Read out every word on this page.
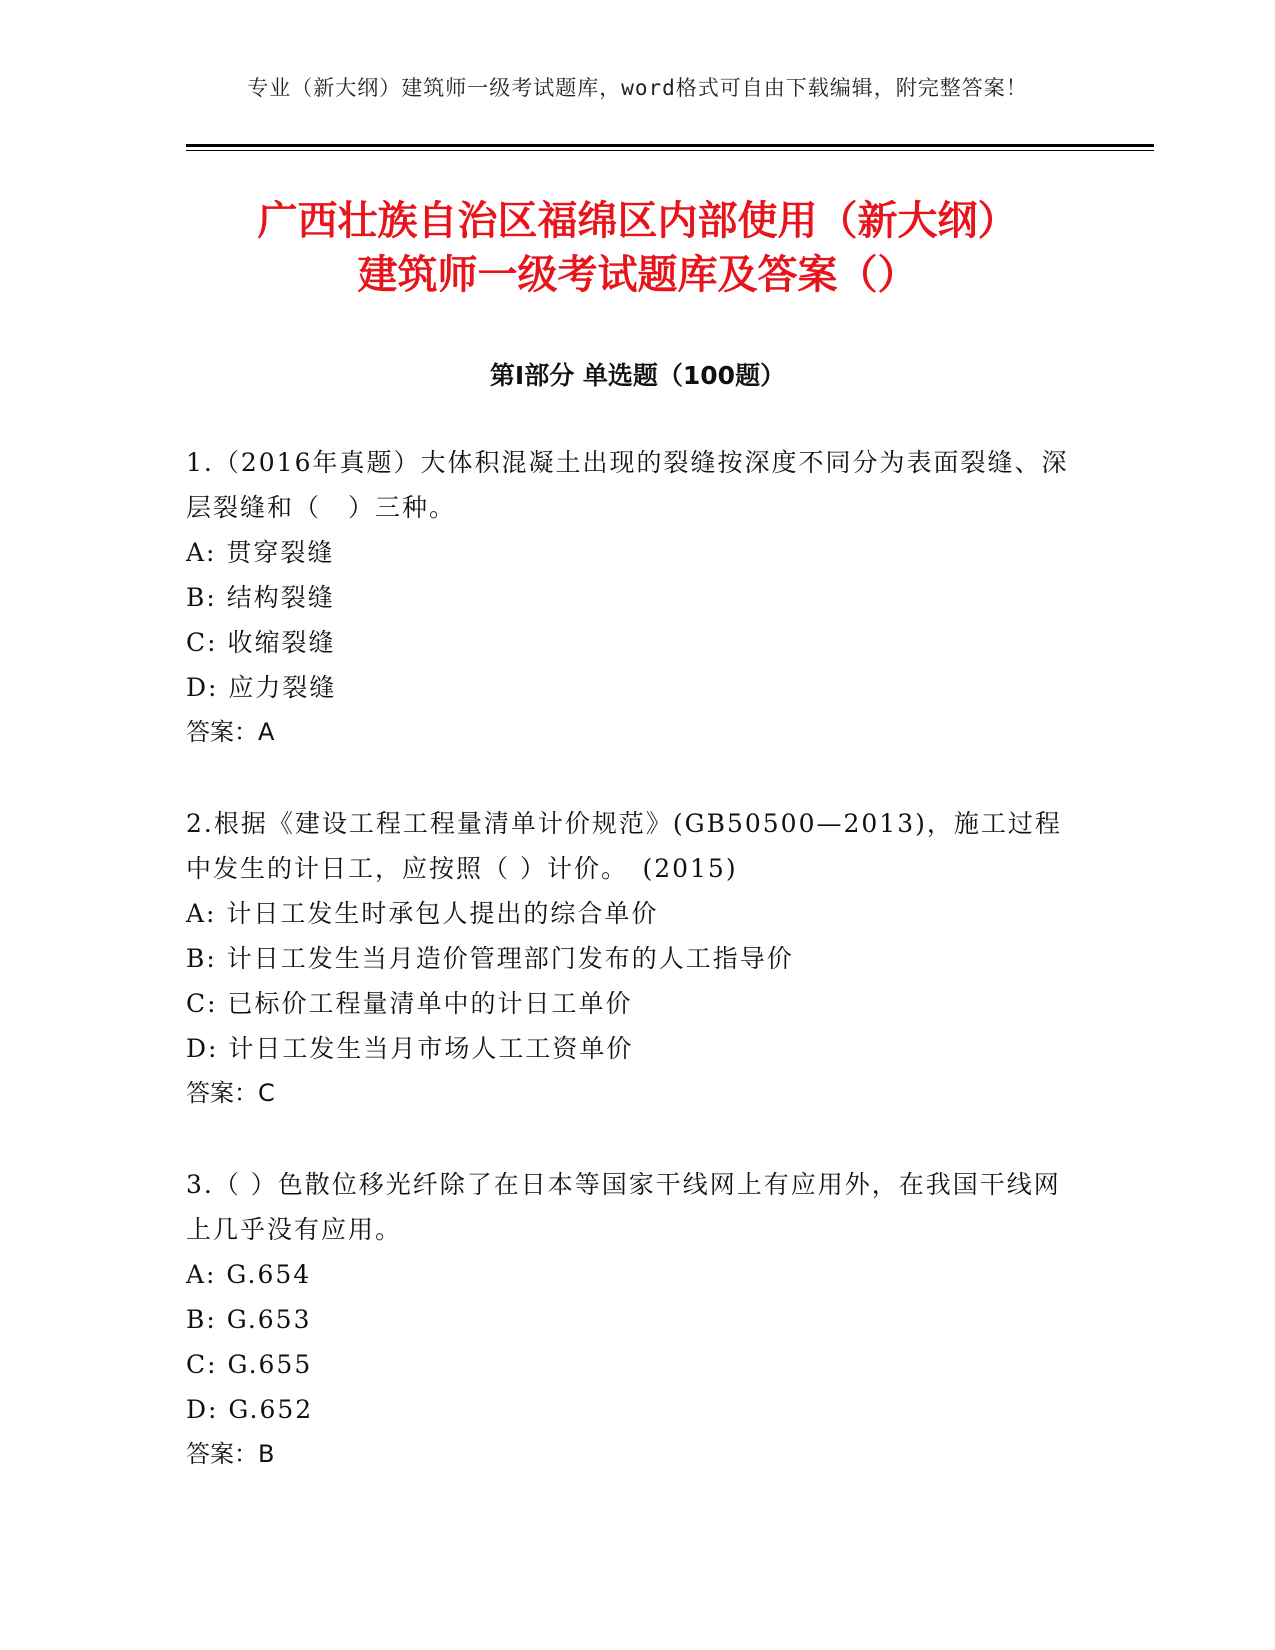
专业（新大纲）建筑师一级考试题库，word格式可自由下载编辑，附完整答案！
广西壮族自治区福绵区内部使用（新大纲）
建筑师一级考试题库及答案（）
第Ⅰ部分 单选题（100题）

1.（2016年真题）大体积混凝土出现的裂缝按深度不同分为表面裂缝、深层裂缝和（　）三种。

A: 贯穿裂缝

B: 结构裂缝

C: 收缩裂缝

D: 应力裂缝

答案：A

2.根据《建设工程工程量清单计价规范》(GB50500—2013)，施工过程中发生的计日工，应按照（ ）计价。　(2015)

A: 计日工发生时承包人提出的综合单价

B: 计日工发生当月造价管理部门发布的人工指导价

C: 已标价工程量清单中的计日工单价

D: 计日工发生当月市场人工工资单价

答案：C

3.（ ）色散位移光纤除了在日本等国家干线网上有应用外，在我国干线网上几乎没有应用。

A: G.654

B: G.653

C: G.655

D: G.652

答案：B
